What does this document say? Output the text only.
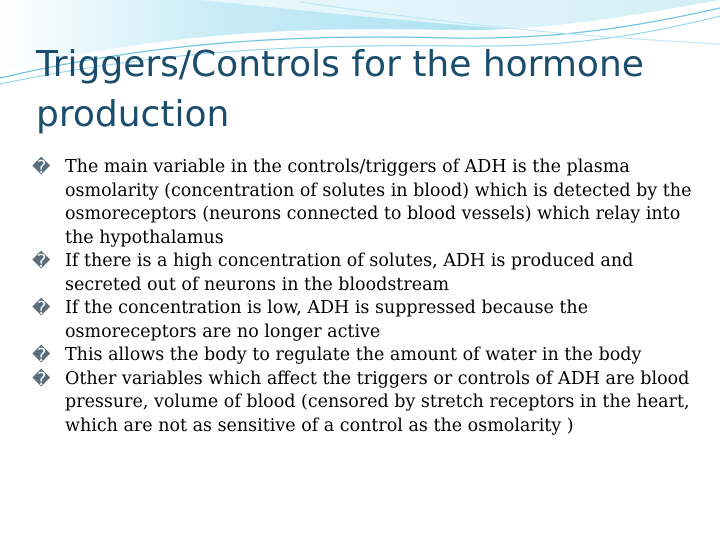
Triggers/Controls for the hormone production
� The main variable in the controls/triggers of ADH is the plasma osmolarity (concentration of solutes in blood) which is detected by the osmoreceptors (neurons connected to blood vessels) which relay into the hypothalamus
� If there is a high concentration of solutes, ADH is produced and secreted out of neurons in the bloodstream
� If the concentration is low, ADH is suppressed because the osmoreceptors are no longer active
� This allows the body to regulate the amount of water in the body
� Other variables which affect the triggers or controls of ADH are blood pressure, volume of blood (censored by stretch receptors in the heart, which are not as sensitive of a control as the osmolarity )
